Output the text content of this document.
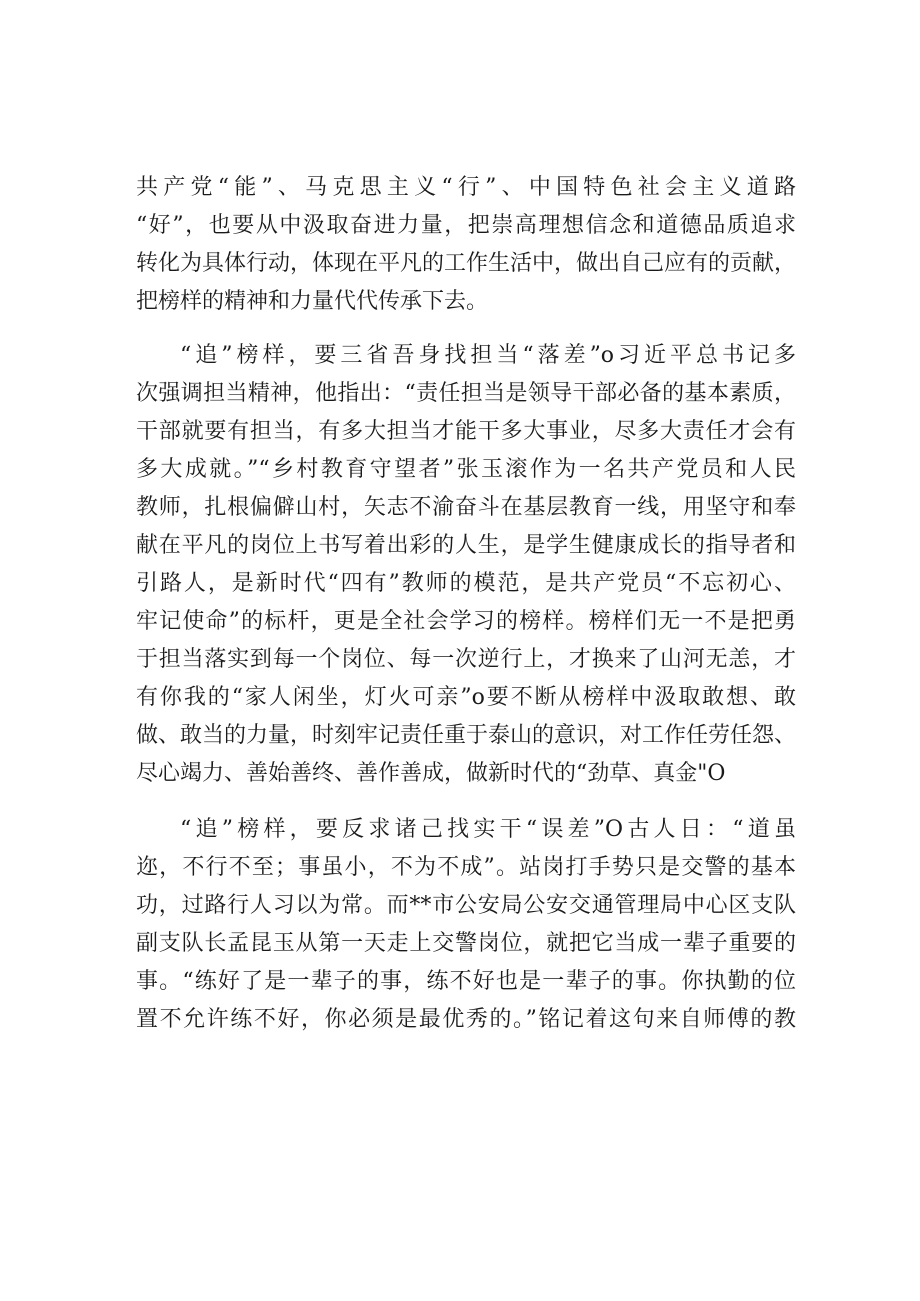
共产党“能”、马克思主义“行”、中国特色社会主义道路
“好”，也要从中汲取奋进力量，把崇高理想信念和道德品质追求
转化为具体行动，体现在平凡的工作生活中，做出自己应有的贡献，
把榜样的精神和力量代代传承下去。
“追”榜样，要三省吾身找担当“落差”o习近平总书记多
次强调担当精神，他指出：“责任担当是领导干部必备的基本素质，
干部就要有担当，有多大担当才能干多大事业，尽多大责任才会有
多大成就。”“乡村教育守望者”张玉滚作为一名共产党员和人民
教师，扎根偏僻山村，矢志不渝奋斗在基层教育一线，用坚守和奉
献在平凡的岗位上书写着出彩的人生，是学生健康成长的指导者和
引路人，是新时代“四有”教师的模范，是共产党员“不忘初心、
牢记使命”的标杆，更是全社会学习的榜样。榜样们无一不是把勇
于担当落实到每一个岗位、每一次逆行上，才换来了山河无恙，才
有你我的“家人闲坐，灯火可亲”o要不断从榜样中汲取敢想、敢
做、敢当的力量，时刻牢记责任重于泰山的意识，对工作任劳任怨、
尽心竭力、善始善终、善作善成，做新时代的“劲草、真金"O
“追”榜样，要反求诸己找实干“误差”O古人日：“道虽
迩，不行不至；事虽小，不为不成”。站岗打手势只是交警的基本
功，过路行人习以为常。而**市公安局公安交通管理局中心区支队
副支队长孟昆玉从第一天走上交警岗位，就把它当成一辈子重要的
事。“练好了是一辈子的事，练不好也是一辈子的事。你执勤的位
置不允许练不好，你必须是最优秀的。”铭记着这句来自师傅的教
